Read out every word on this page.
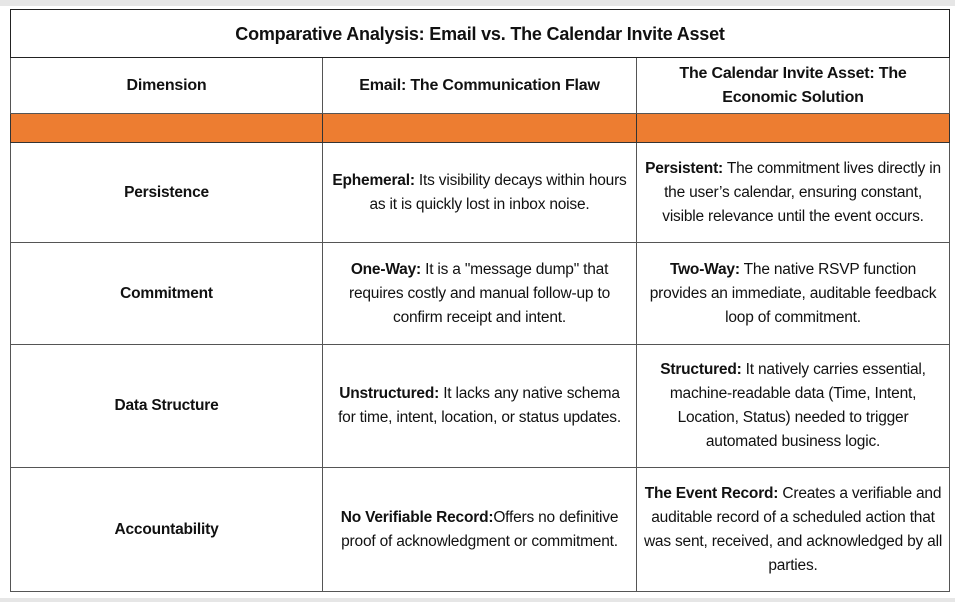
Comparative Analysis: Email vs. The Calendar Invite Asset		
Dimension	Email: The Communication Flaw	The Calendar Invite Asset: The Economic Solution

Persistence	Ephemeral: Its visibility decays within hours as it is quickly lost in inbox noise.	Persistent: The commitment lives directly in the user’s calendar, ensuring constant, visible relevance until the event occurs.
Commitment	One-Way: It is a "message dump" that requires costly and manual follow-up to confirm receipt and intent.	Two-Way: The native RSVP function provides an immediate, auditable feedback loop of commitment.
Data Structure	Unstructured: It lacks any native schema for time, intent, location, or status updates.	Structured: It natively carries essential, machine-readable data (Time, Intent, Location, Status) needed to trigger automated business logic.
Accountability	No Verifiable Record:Offers no definitive proof of acknowledgment or commitment.	The Event Record: Creates a verifiable and auditable record of a scheduled action that was sent, received, and acknowledged by all parties.
